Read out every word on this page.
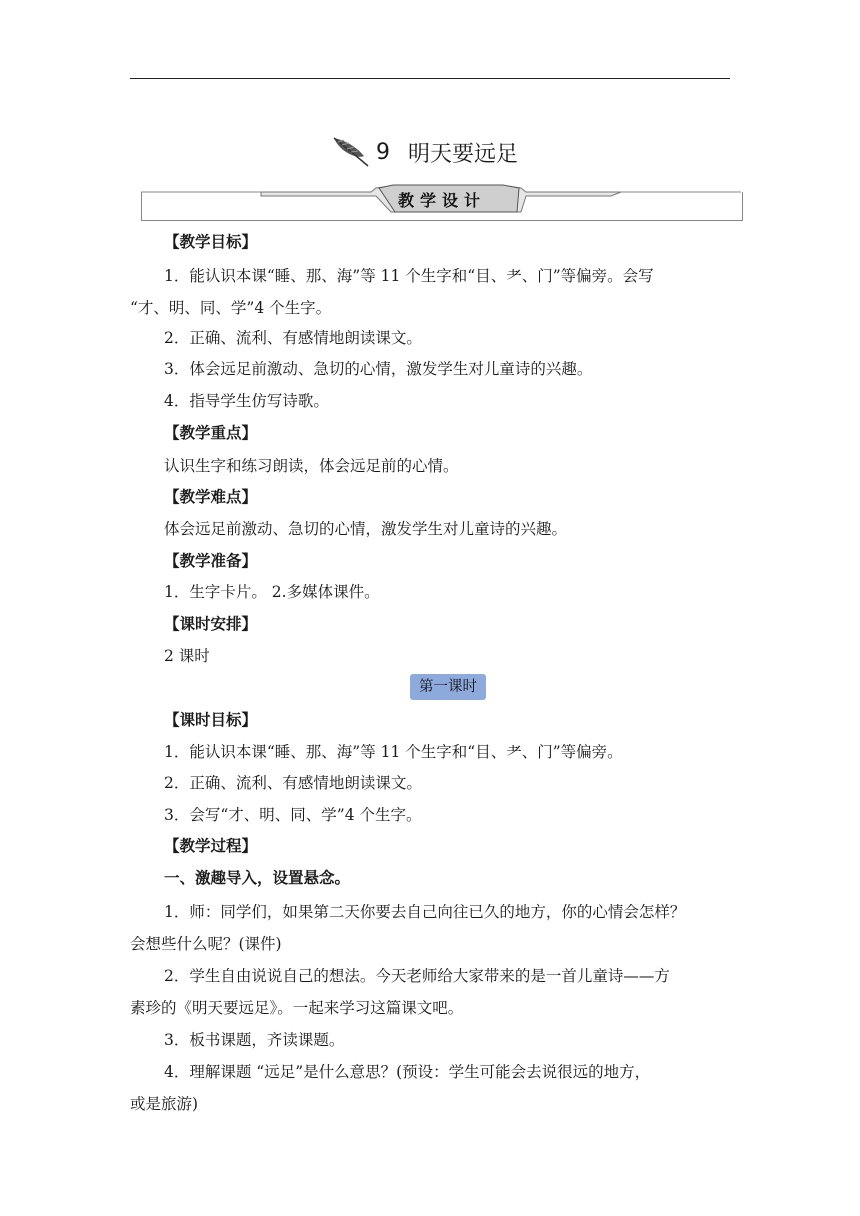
9 明天要远足
教学设计
【教学目标】
1．能认识本课“睡、那、海”等 11 个生字和“目、⺹、门”等偏旁。会写
“才、明、同、学”4 个生字。
2．正确、流利、有感情地朗读课文。
3．体会远足前激动、急切的心情，激发学生对儿童诗的兴趣。
4．指导学生仿写诗歌。
【教学重点】
认识生字和练习朗读，体会远足前的心情。
【教学难点】
体会远足前激动、急切的心情，激发学生对儿童诗的兴趣。
【教学准备】
1．生字卡片。 2.多媒体课件。
【课时安排】
2 课时
第一课时
【课时目标】
1．能认识本课“睡、那、海”等 11 个生字和“目、⺹、门”等偏旁。
2．正确、流利、有感情地朗读课文。
3．会写“才、明、同、学”4 个生字。
【教学过程】
一、激趣导入，设置悬念。
1．师：同学们，如果第二天你要去自己向往已久的地方，你的心情会怎样？
会想些什么呢？(课件)
2．学生自由说说自己的想法。今天老师给大家带来的是一首儿童诗——方
素珍的《明天要远足》。一起来学习这篇课文吧。
3．板书课题，齐读课题。
4．理解课题 “远足”是什么意思？(预设：学生可能会去说很远的地方，
或是旅游)
